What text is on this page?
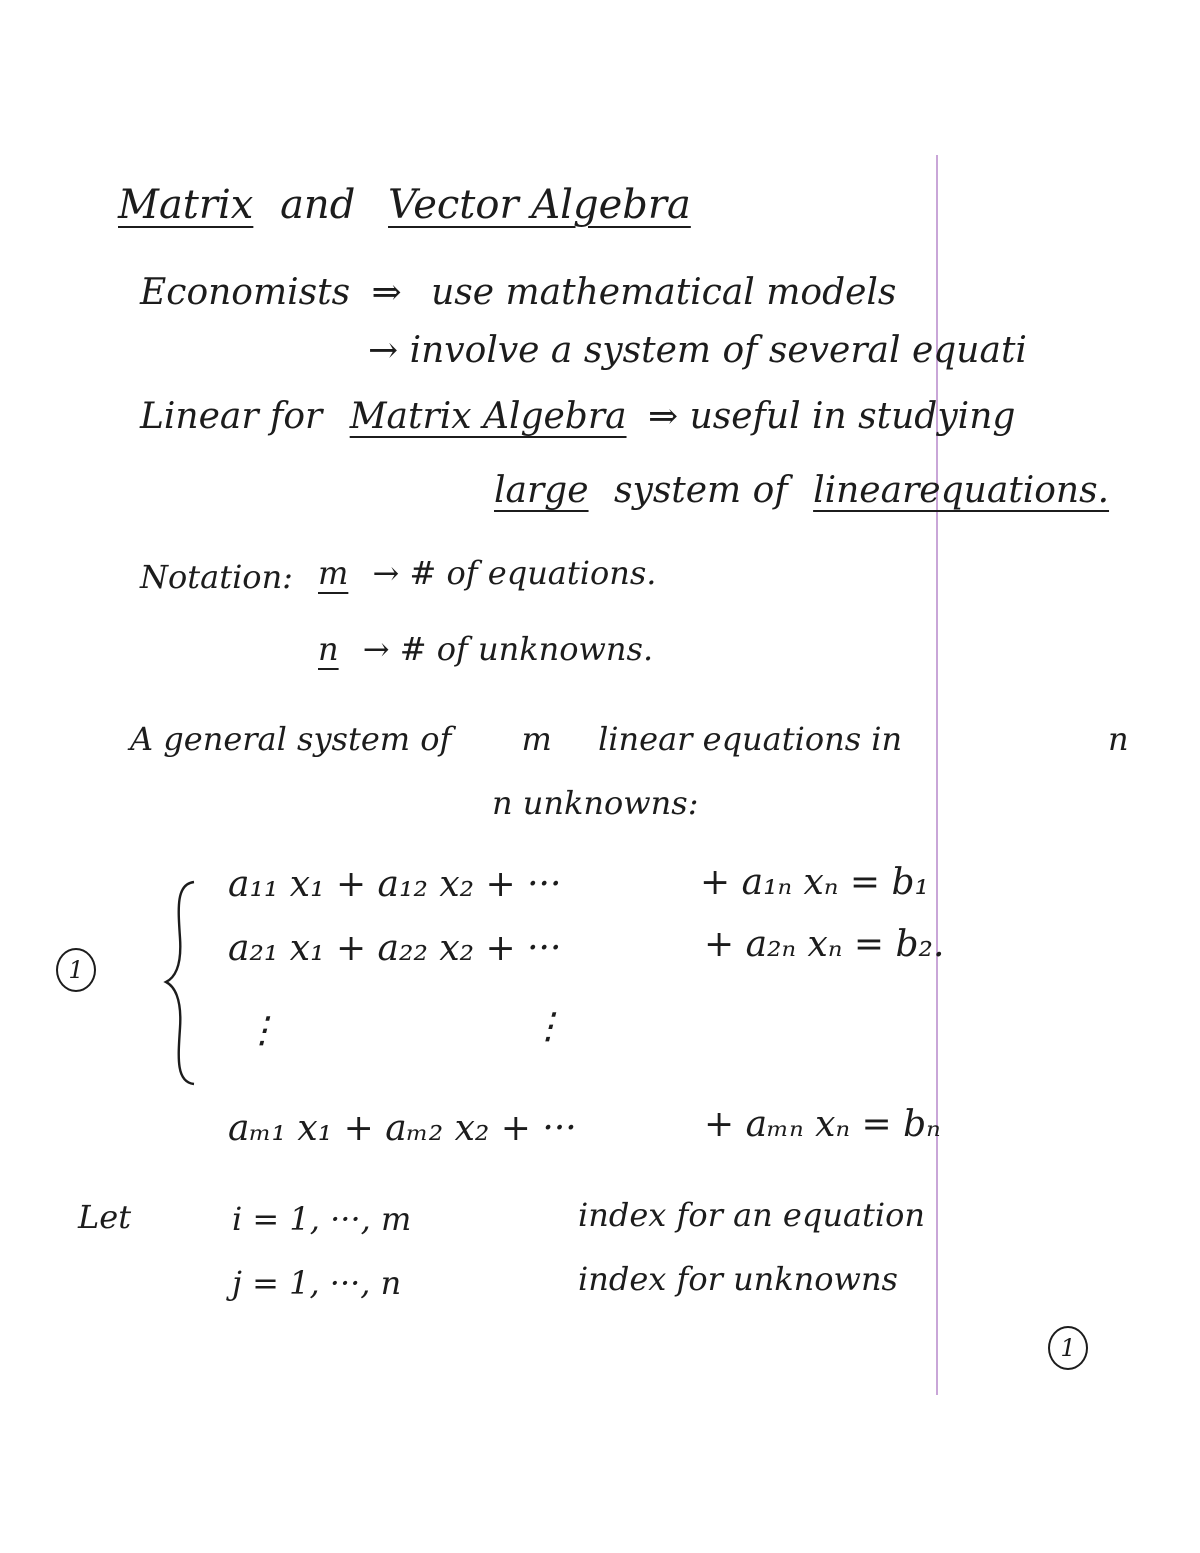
Matrix and Vector Algebra
Economists ⇒ use mathematical models
→ involve a system of several equati
Linear for Matrix Algebra ⇒ useful in studying
large system of linearequations.
Notation: m → # of equations.
n → # of unknowns.
A general system of m linear equations in	n
n unknowns:
1
a₁₁ x₁ + a₁₂ x₂ + ···	+ a₁ₙ xₙ = b₁
a₂₁ x₁ + a₂₂ x₂ + ···	+ a₂ₙ xₙ = b₂.
⋮	⋮
aₘ₁ x₁ + aₘ₂ x₂ + ···	+ aₘₙ xₙ = bₙ
Let	i = 1, ···, m	index for an equation
j = 1, ···, n	index for unknowns
1
